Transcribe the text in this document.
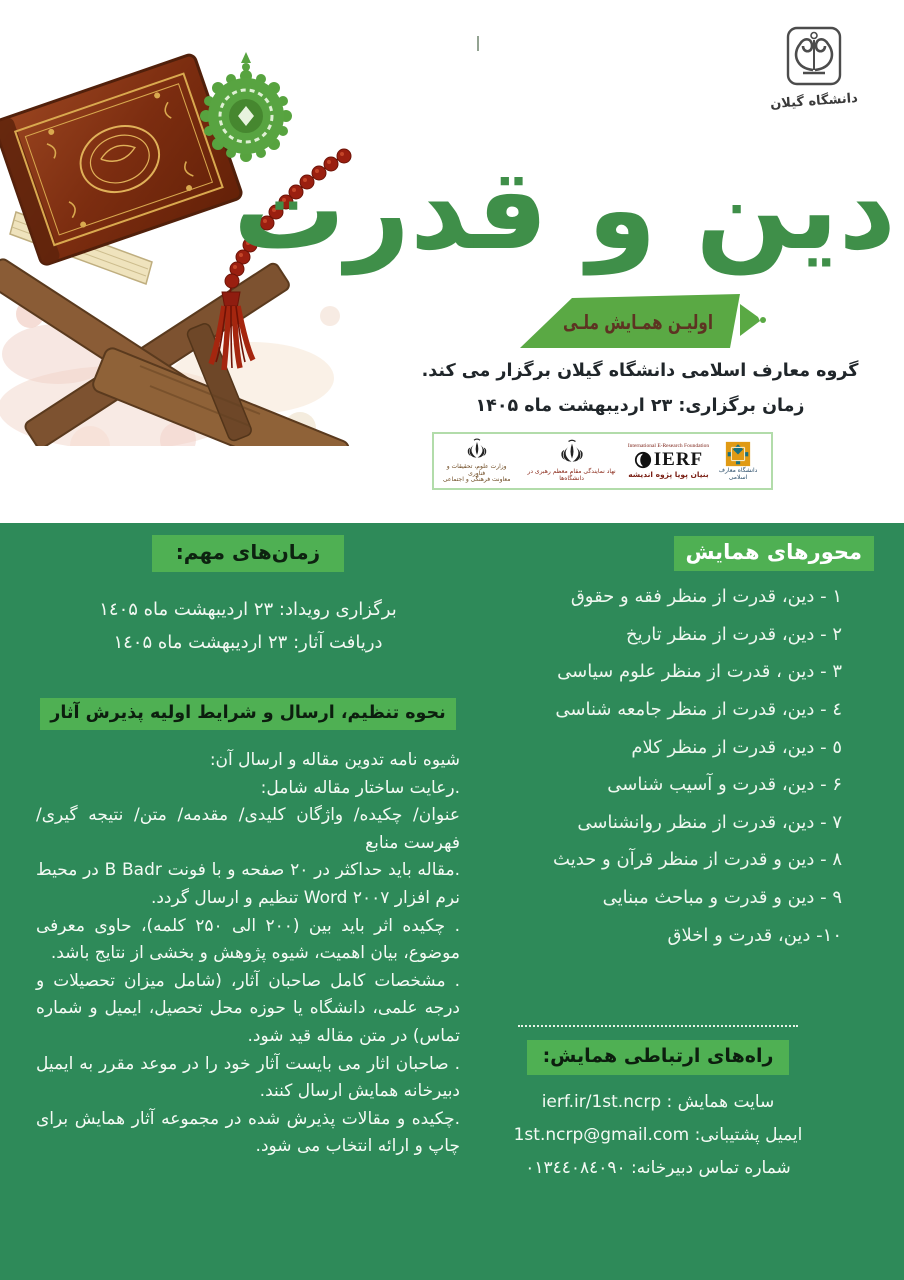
دانشگاه گیلان
دین و قدرت
اولیـن همـایش ملـی
گروه معارف اسلامی دانشگاه گیلان برگزار می کند.
زمان برگزاری: ۲۳ اردیبهشت ماه ۱۴۰۵
وزارت علوم، تحقیقات و فناوری
معاونت فرهنگی و اجتماعی
نهاد نمایندگی مقام معظم رهبری در دانشگاه‌ها
International E-Research Foundation
IERF
بنیان پویا پژوه اندیشه	دانشگاه معارف اسلامی
محورهای همایش
۱ - دین، قدرت از منظر فقه و حقوق
۲ - دین، قدرت از منظر تاریخ
۳ - دین ، قدرت از منظر علوم سیاسی
٤ - دین، قدرت از منظر جامعه شناسی
٥ - دین، قدرت از منظر کلام
۶ - دین، قدرت و آسیب شناسی
۷ - دین، قدرت از منظر روانشناسی
۸ - دین و قدرت از منظر قرآن و حدیث
۹ - دین و قدرت و مباحث مبنایی
۱۰- دین، قدرت و اخلاق
زمان‌های مهم:
برگزاری رویداد: ۲۳ اردیبهشت ماه ۱٤۰۵
دریافت آثار: ۲۳ اردیبهشت ماه ۱٤۰۵
نحوه تنظیم، ارسال و شرایط اولیه پذیرش آثار

شیوه نامه تدوین مقاله و ارسال آن:

.رعایت ساختار مقاله شامل:

عنوان/ چکیده/ واژگان کلیدی/ مقدمه/ متن/ نتیجه گیری/ فهرست منابع

.مقاله باید حداکثر در ۲۰ صفحه و با فونت B Badr در محیط نرم افزار Word ۲۰۰۷ تنظیم و ارسال گردد.

. چکیده اثر باید بین (۲۰۰ الی ۲۵۰ کلمه)، حاوی معرفی موضوع، بیان اهمیت، شیوه پژوهش و بخشی از نتایج باشد.

. مشخصات کامل صاحبان آثار، (شامل میزان تحصیلات و درجه علمی، دانشگاه یا حوزه محل تحصیل، ایمیل و شماره تماس) در متن مقاله قید شود.

. صاحبان اثار می بایست آثار خود را در موعد مقرر به ایمیل دبیرخانه همایش ارسال کنند.

.چکیده و مقالات پذیرش شده در مجموعه آثار همایش برای چاپ و ارائه انتخاب می شود.

راه‌های ارتباطی همایش:
سایت همایش : ierf.ir/1st.ncrp
ایمیل پشتیبانی: 1st.ncrp@gmail.com
شماره تماس دبیرخانه: ۰۱۳٤٤۰۸٤۰۹۰
